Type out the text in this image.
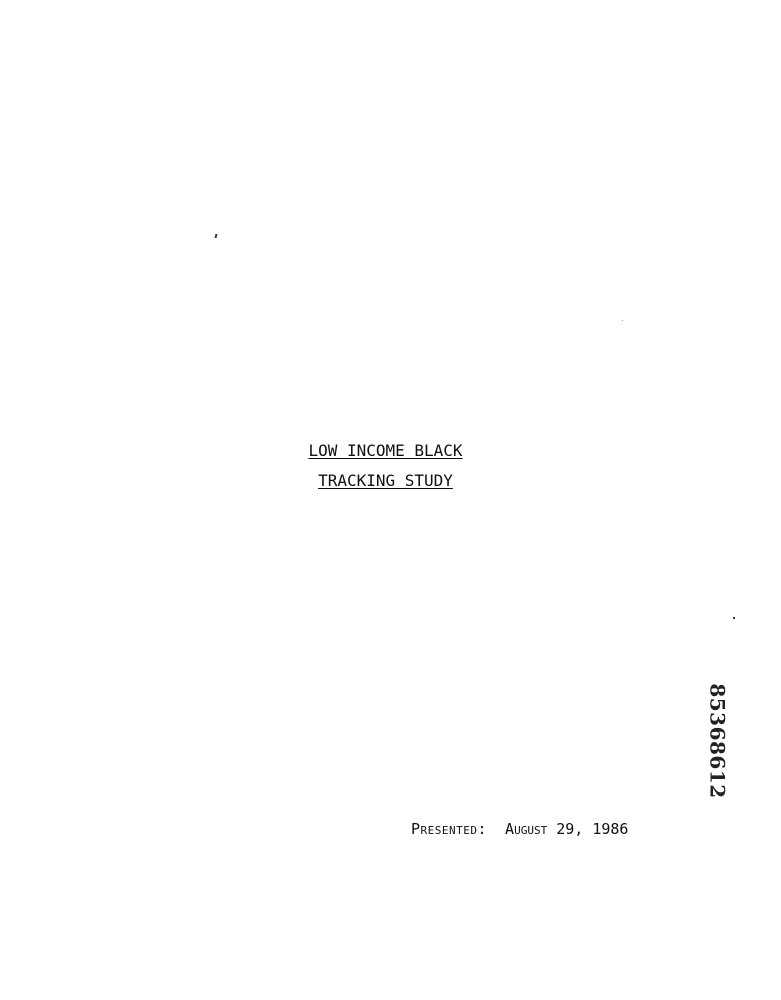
LOW INCOME BLACK
TRACKING STUDY
Presented: August 29, 1986
85368612
